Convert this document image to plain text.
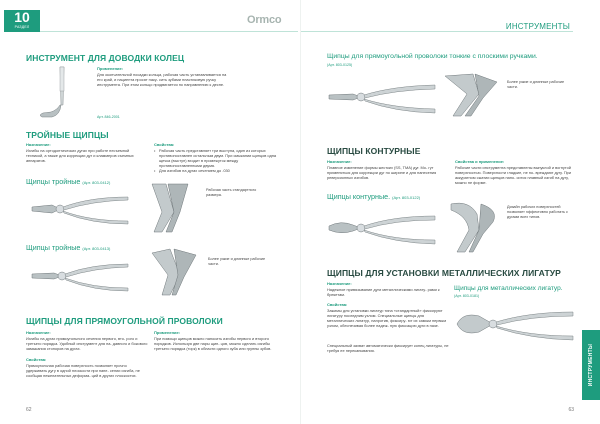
10
РАЗДЕЛ
Ormco
ИНСТРУМЕНТ ДЛЯ ДОВОДКИ КОЛЕЦ
Применение:
Для окончательной посадки кольца, рабочая часть устанавливается на его край, и пациента просят наку- сить зубами пластиковую ручку инструмента. При этом кольцо продвигается по направлению к десне.
Арт. 846-2001
ТРОЙНЫЕ ЩИПЦЫ
Назначение:
Изгибы на ортодонтических дугах при работе несъемной техникой, а также для коррекции дуг и кламмеров съемных аппаратов.
Свойства:
• Рабочая часть представляет три выступа, один из которых противопоставлен остальным двум. При смыкании щипцов одна щечка (выступ) входит в промежуток между противопоставленными двумя.
• Для изгибов на дугах сечением до .030
Щипцы тройные (Арт. 803-0412)
Рабочая часть стандартного размера.
Щипцы тройные (Арт. 803-0413)
Более узкие и длинные рабочие части.
ЩИПЦЫ ДЛЯ ПРЯМОУГОЛЬНОЙ ПРОВОЛОКИ
Назначение:
Изгибы на дугах прямоугольного сечения первого, вто- рого и третьего порядка. Удобный инструмент для на- давного и бокового замыкания стопоров на дугах.
Свойства:
Прямоугольная рабочая поверхность позволяет прочно удерживать дугу в одной плоскости при нане- сении изгиба, не сообщая нежелательных деформа- ций в других плоскостях.
Применение:
При помощи щипцов можно наносить изгибы первого и второго порядков. Используя две пары щип- цов, можно сделать изгибы третьего порядка (торк) в области одного зуба или группы зубов.
62
ИНСТРУМЕНТЫ
Щипцы для прямоугольной проволоки тонкие с плоскими ручками.
(Арт. 803-0125)
Более узкие и длинные рабочие части.
ЩИПЦЫ КОНТУРНЫЕ
Назначение:
Плавное изменение формы жестких (SS, TMA) дуг. Мо- гут применяться для коррекции дуг по ширине и для нанесения реверсионных изгибов.
Свойства и применение:
Рабочие части инструмента представлены выпуклой и вогнутой поверхностью. Поверхности гладкие, не по- вреждают дугу. При аккуратном сжатии щипцов нано- сится плавный изгиб на дугу, можно не форме.
Щипцы контурные. (Арт. 803-0122)
Дизайн рабочих поверхностей позволяет эффективно работать с дугами всех типов.
ЩИПЦЫ ДЛЯ УСТАНОВКИ МЕТАЛЛИЧЕСКИХ ЛИГАТУР
Назначение:
Надежное привязывание дуги металлическими лигату- рами к брекетам.
Свойства:
Зажимы для установки лигатур типа «стандартный» фиксируют лигатуру последним узлом. Специальные щипцы для металлических лигатур, напротив, фиксиру- ют их самым первым узлом, обеспечивая более надеж- ную фиксацию дуги в пазе.
Специальный захват автоматически фиксирует конец лигатуры, не требуя ее перекапывания.
Щипцы для металлических лигатур.
(Арт. 803-0181)
ИНСТРУМЕНТЫ
63
